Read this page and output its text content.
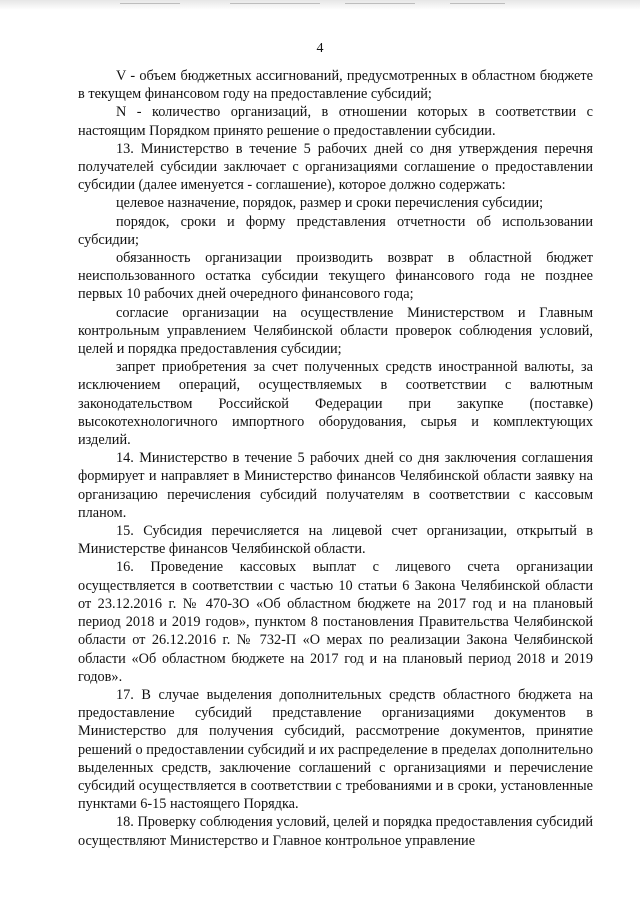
4

V - объем бюджетных ассигнований, предусмотренных в областном бюджете в текущем финансовом году на предоставление субсидий;

N - количество организаций, в отношении которых в соответствии с настоящим Порядком принято решение о предоставлении субсидии.

13. Министерство в течение 5 рабочих дней со дня утверждения перечня получателей субсидии заключает с организациями соглашение о предоставлении субсидии (далее именуется - соглашение), которое должно содержать:

целевое назначение, порядок, размер и сроки перечисления субсидии;

порядок, сроки и форму представления отчетности об использовании субсидии;

обязанность организации производить возврат в областной бюджет неиспользованного остатка субсидии текущего финансового года не позднее первых 10 рабочих дней очередного финансового года;

согласие организации на осуществление Министерством и Главным контрольным управлением Челябинской области проверок соблюдения условий, целей и порядка предоставления субсидии;

запрет приобретения за счет полученных средств иностранной валюты, за исключением операций, осуществляемых в соответствии с валютным законодательством Российской Федерации при закупке (поставке) высокотехнологичного импортного оборудования, сырья и комплектующих изделий.

14. Министерство в течение 5 рабочих дней со дня заключения соглашения формирует и направляет в Министерство финансов Челябинской области заявку на организацию перечисления субсидий получателям в соответствии с кассовым планом.

15. Субсидия перечисляется на лицевой счет организации, открытый в Министерстве финансов Челябинской области.

16. Проведение кассовых выплат с лицевого счета организации осуществляется в соответствии с частью 10 статьи 6 Закона Челябинской области от 23.12.2016 г. № 470-ЗО «Об областном бюджете на 2017 год и на плановый период 2018 и 2019 годов», пунктом 8 постановления Правительства Челябинской области от 26.12.2016 г. № 732-П «О мерах по реализации Закона Челябинской области «Об областном бюджете на 2017 год и на плановый период 2018 и 2019 годов».

17. В случае выделения дополнительных средств областного бюджета на предоставление субсидий представление организациями документов в Министерство для получения субсидий, рассмотрение документов, принятие решений о предоставлении субсидий и их распределение в пределах дополнительно выделенных средств, заключение соглашений с организациями и перечисление субсидий осуществляется в соответствии с требованиями и в сроки, установленные пунктами 6-15 настоящего Порядка.

18. Проверку соблюдения условий, целей и порядка предоставления субсидий осуществляют Министерство и Главное контрольное управление
